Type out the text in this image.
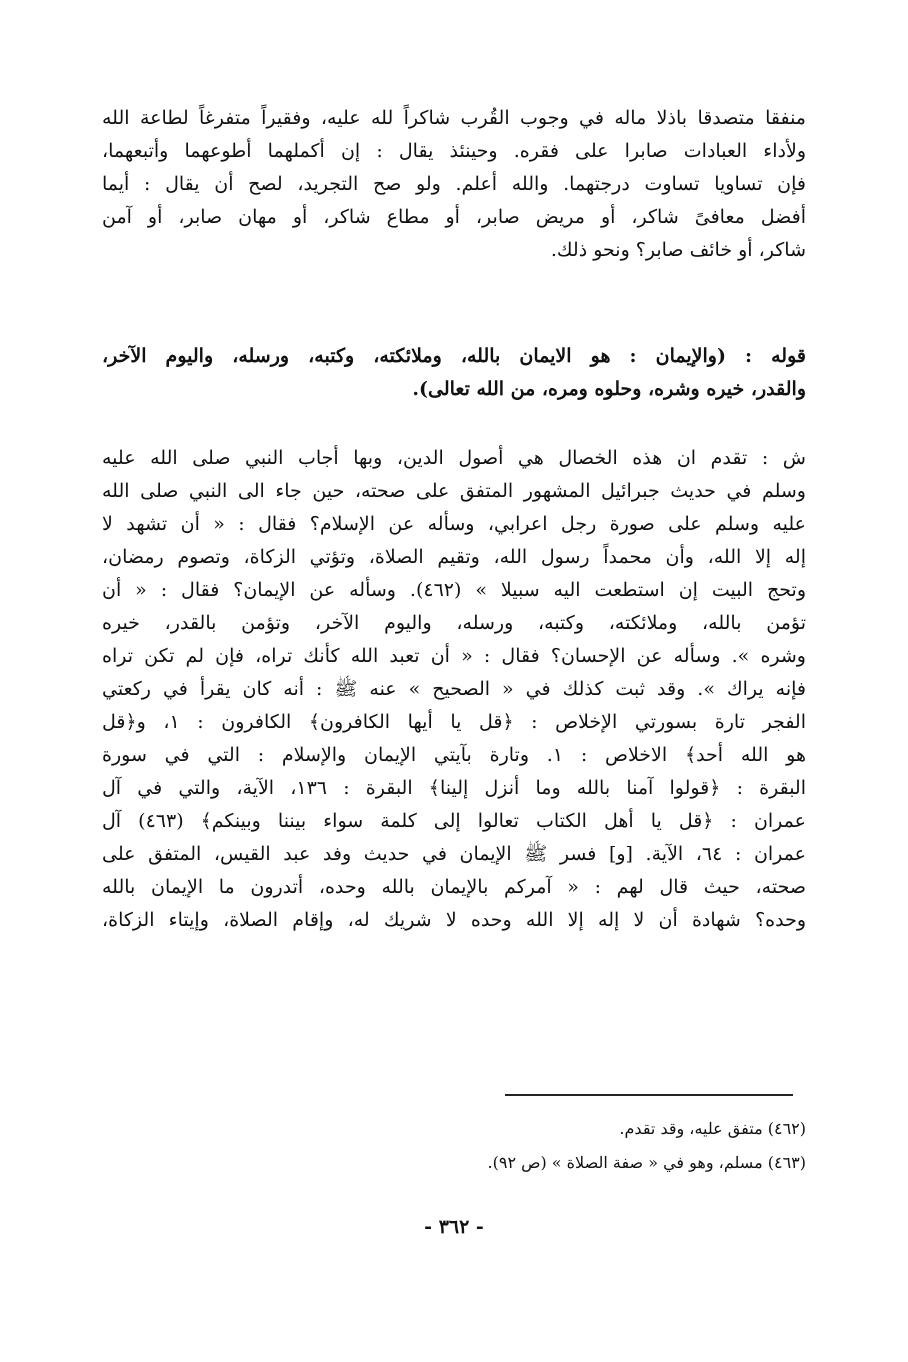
منفقا متصدقا باذلا ماله في وجوب القُرب شاكراً لله عليه، وفقيراً متفرغاً لطاعة الله
ولأداء العبادات صابرا على فقره. وحينئذ يقال : إن أكملهما أطوعهما وأتبعهما،
فإن تساويا تساوت درجتهما. والله أعلم. ولو صح التجريد، لصح أن يقال : أيما
أفضل معافىً شاكر، أو مريض صابر، أو مطاع شاكر، أو مهان صابر، أو آمن
شاكر، أو خائف صابر؟ ونحو ذلك.
قوله : (والإيمان : هو الايمان بالله، وملائكته، وكتبه، ورسله، واليوم الآخر،
والقدر، خيره وشره، وحلوه ومره، من الله تعالى).
ش : تقدم ان هذه الخصال هي أصول الدين، وبها أجاب النبي صلى الله عليه
وسلم في حديث جبرائيل المشهور المتفق على صحته، حين جاء الى النبي صلى الله
عليه وسلم على صورة رجل اعرابي، وسأله عن الإسلام؟ فقال : « أن تشهد لا
إله إلا الله، وأن محمداً رسول الله، وتقيم الصلاة، وتؤتي الزكاة، وتصوم رمضان،
وتحج البيت إن استطعت اليه سبيلا » (٤٦٢). وسأله عن الإيمان؟ فقال : « أن
تؤمن بالله، وملائكته، وكتبه، ورسله، واليوم الآخر، وتؤمن بالقدر، خيره
وشره ». وسأله عن الإحسان؟ فقال : « أن تعبد الله كأنك تراه، فإن لم تكن تراه
فإنه يراك ». وقد ثبت كذلك في « الصحيح » عنه ﷺ : أنه كان يقرأ في ركعتي
الفجر تارة بسورتي الإخلاص : ﴿قل يا أيها الكافرون﴾ الكافرون : ١، و﴿قل
هو الله أحد﴾ الاخلاص : ١. وتارة بآيتي الإيمان والإسلام : التي في سورة
البقرة : ﴿قولوا آمنا بالله وما أنزل إلينا﴾ البقرة : ١٣٦، الآية، والتي في آل
عمران : ﴿قل يا أهل الكتاب تعالوا إلى كلمة سواء بيننا وبينكم﴾ (٤٦٣) آل
عمران : ٦٤، الآية. [و] فسر ﷺ الإيمان في حديث وفد عبد القيس، المتفق على
صحته، حيث قال لهم : « آمركم بالإيمان بالله وحده، أتدرون ما الإيمان بالله
وحده؟ شهادة أن لا إله إلا الله وحده لا شريك له، وإقام الصلاة، وإيتاء الزكاة،
(٤٦٢) متفق عليه، وقد تقدم.
(٤٦٣) مسلم، وهو في « صفة الصلاة » (ص ٩٢).
- ٣٦٢ -
